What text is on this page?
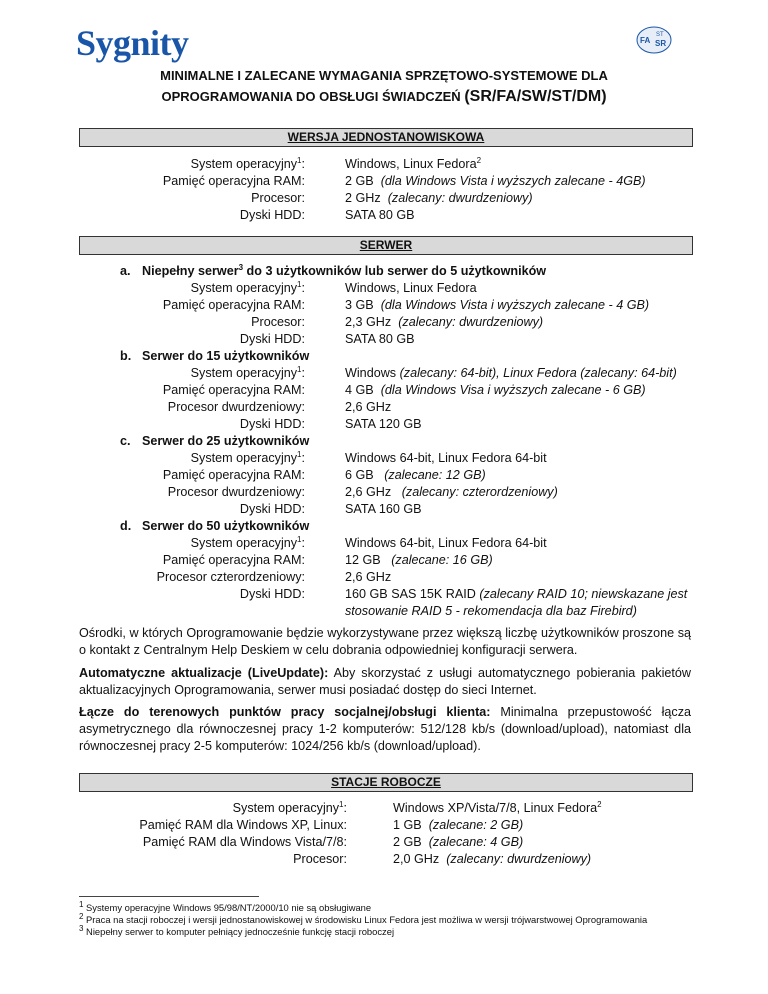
Sygnity	FA SR
ST
MINIMALNE I ZALECANE WYMAGANIA SPRZĘTOWO-SYSTEMOWE DLA
OPROGRAMOWANIA DO OBSŁUGI ŚWIADCZEŃ (SR/FA/SW/ST/DM)
WERSJA JEDNOSTANOWISKOWA
System operacyjny$^1$:
Pamięć operacyjna RAM:
Procesor:
Dyski HDD:
Windows, Linux Fedora$^2$
2 GB (dla Windows Vista i wyższych zalecane - 4GB)
2 GHz (zalecany: dwurdzeniowy)
SATA 80 GB
SERWER
a. Niepełny serwer$^3$ do 3 użytkowników lub serwer do 5 użytkowników
System operacyjny$^1$:
Pamięć operacyjna RAM:
Procesor:
Dyski HDD:
Windows, Linux Fedora
3 GB (dla Windows Vista i wyższych zalecane - 4 GB)
2,3 GHz (zalecany: dwurdzeniowy)
SATA 80 GB
b. Serwer do 15 użytkowników
System operacyjny$^1$:
Pamięć operacyjna RAM:
Procesor dwurdzeniowy:
Dyski HDD:
Windows (zalecany: 64-bit), Linux Fedora (zalecany: 64-bit)
4 GB (dla Windows Visa i wyższych zalecane - 6 GB)
2,6 GHz
SATA 120 GB
c. Serwer do 25 użytkowników
System operacyjny$^1$:
Pamięć operacyjna RAM:
Procesor dwurdzeniowy:
Dyski HDD:
Windows 64-bit, Linux Fedora 64-bit
6 GB (zalecane: 12 GB)
2,6 GHz (zalecany: czterordzeniowy)
SATA 160 GB
d. Serwer do 50 użytkowników
System operacyjny$^1$:
Pamięć operacyjna RAM:
Procesor czterordzeniowy:
Dyski HDD:
Windows 64-bit, Linux Fedora 64-bit
12 GB (zalecane: 16 GB)
2,6 GHz
160 GB SAS 15K RAID (zalecany RAID 10; niewskazane jest
stosowanie RAID 5 - rekomendacja dla baz Firebird)
Ośrodki, w których Oprogramowanie będzie wykorzystywane przez większą liczbę użytkowników proszone są o kontakt z Centralnym Help Deskiem w celu dobrania odpowiedniej konfiguracji serwera.
Automatyczne aktualizacje (LiveUpdate): Aby skorzystać z usługi automatycznego pobierania pakietów aktualizacyjnych Oprogramowania, serwer musi posiadać dostęp do sieci Internet.
Łącze do terenowych punktów pracy socjalnej/obsługi klienta: Minimalna przepustowość łącza asymetrycznego dla równoczesnej pracy 1-2 komputerów: 512/128 kb/s (download/upload), natomiast dla równoczesnej pracy 2-5 komputerów: 1024/256 kb/s (download/upload).
STACJE ROBOCZE
System operacyjny$^1$:
Pamięć RAM dla Windows XP, Linux:
Pamięć RAM dla Windows Vista/7/8:
Procesor:
Windows XP/Vista/7/8, Linux Fedora$^2$
1 GB (zalecane: 2 GB)
2 GB (zalecane: 4 GB)
2,0 GHz (zalecany: dwurdzeniowy)
$^1$ Systemy operacyjne Windows 95/98/NT/2000/10 nie są obsługiwane
$^2$ Praca na stacji roboczej i wersji jednostanowiskowej w środowisku Linux Fedora jest możliwa w wersji trójwarstwowej Oprogramowania
$^3$ Niepełny serwer to komputer pełniący jednocześnie funkcję stacji roboczej
